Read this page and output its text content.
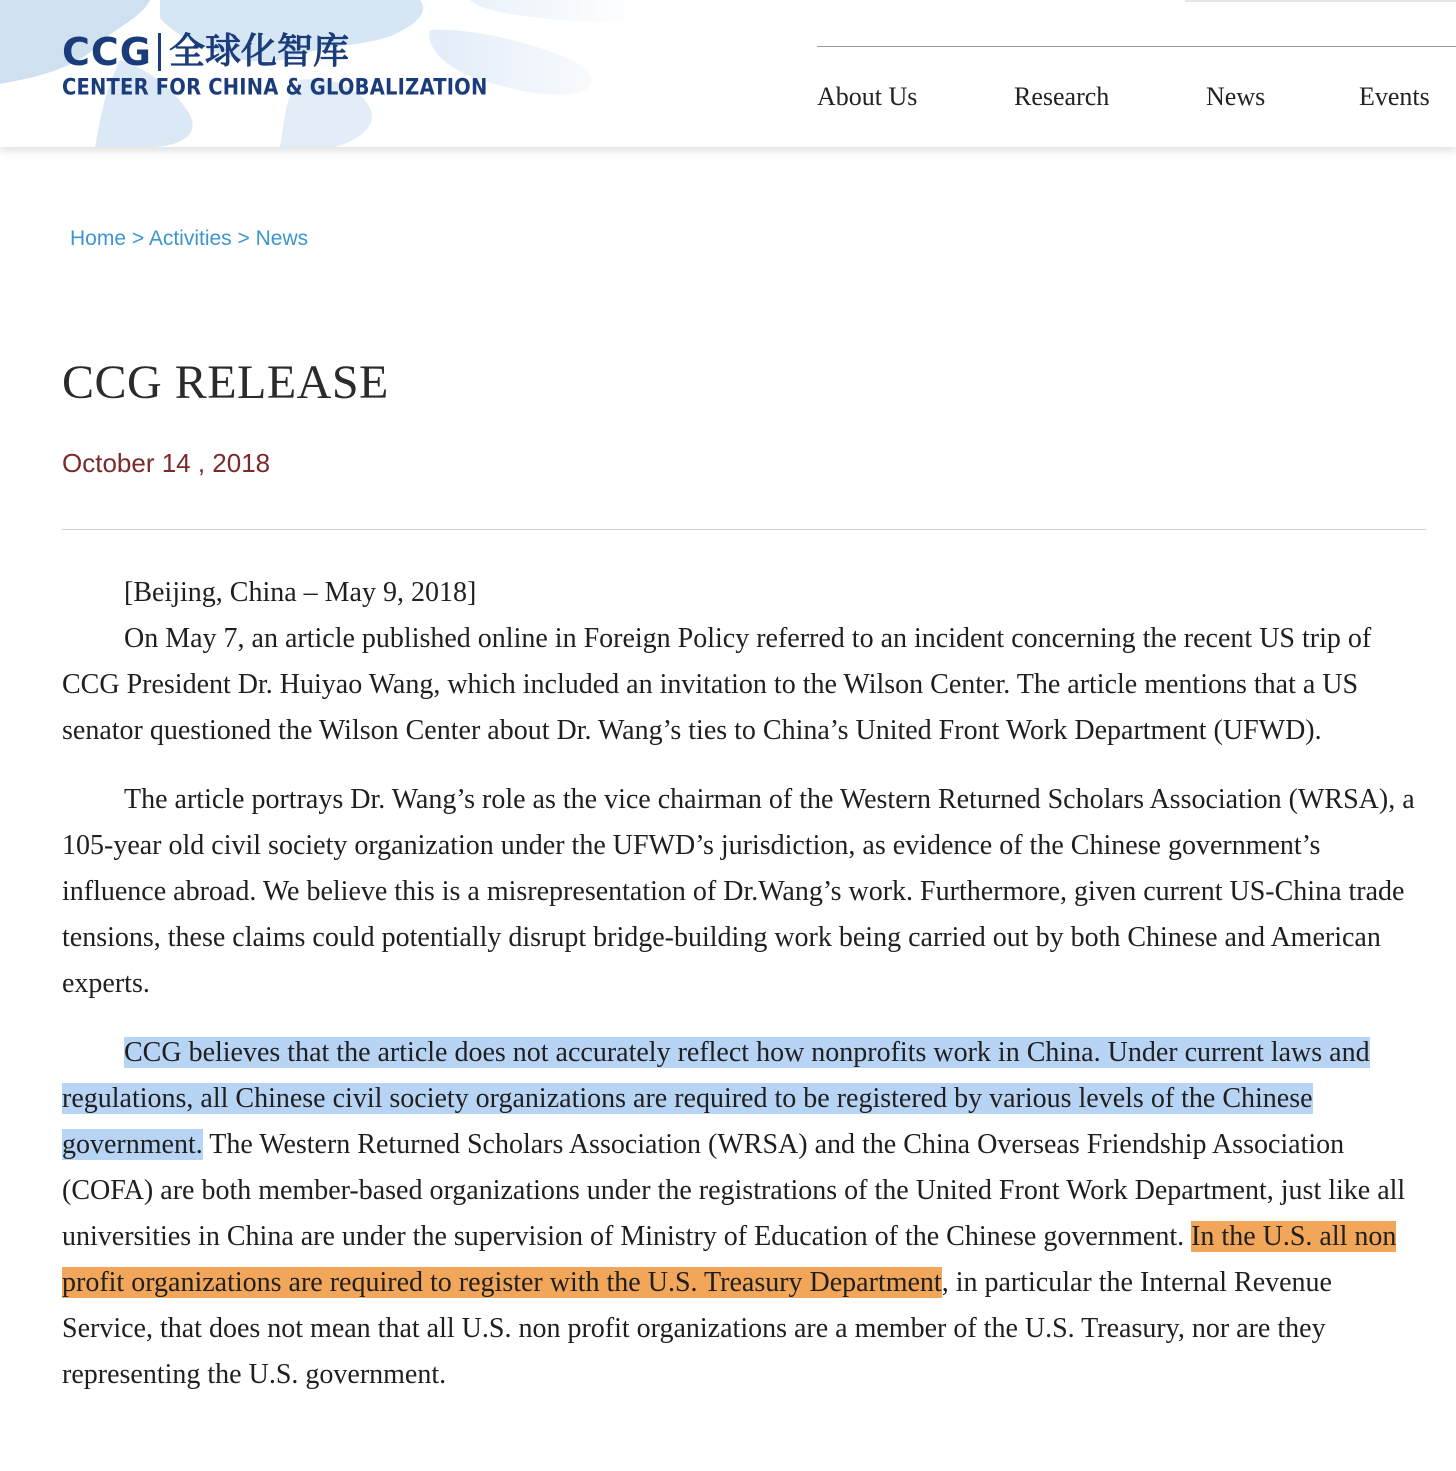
CCG 全球化智库
CENTER FOR CHINA & GLOBALIZATION	About Us	Research	News	Events
Home > Activities > News
CCG RELEASE
October 14 , 2018

[Beijing, China – May 9, 2018]

On May 7, an article published online in Foreign Policy referred to an incident concerning the recent US trip of CCG President Dr. Huiyao Wang, which included an invitation to the Wilson Center. The article mentions that a US senator questioned the Wilson Center about Dr. Wang’s ties to China’s United Front Work Department (UFWD).

The article portrays Dr. Wang’s role as the vice chairman of the Western Returned Scholars Association (WRSA), a 105-year old civil society organization under the UFWD’s jurisdiction, as evidence of the Chinese government’s influence abroad. We believe this is a misrepresentation of Dr.Wang’s work. Furthermore, given current US-China trade tensions, these claims could potentially disrupt bridge-building work being carried out by both Chinese and American experts.

CCG believes that the article does not accurately reflect how nonprofits work in China. Under current laws and regulations, all Chinese civil society organizations are required to be registered by various levels of the Chinese government. The Western Returned Scholars Association (WRSA) and the China Overseas Friendship Association (COFA) are both member-based organizations under the registrations of the United Front Work Department, just like all universities in China are under the supervision of Ministry of Education of the Chinese government. In the U.S. all non profit organizations are required to register with the U.S. Treasury Department, in particular the Internal Revenue Service, that does not mean that all U.S. non profit organizations are a member of the U.S. Treasury, nor are they representing the U.S. government.
